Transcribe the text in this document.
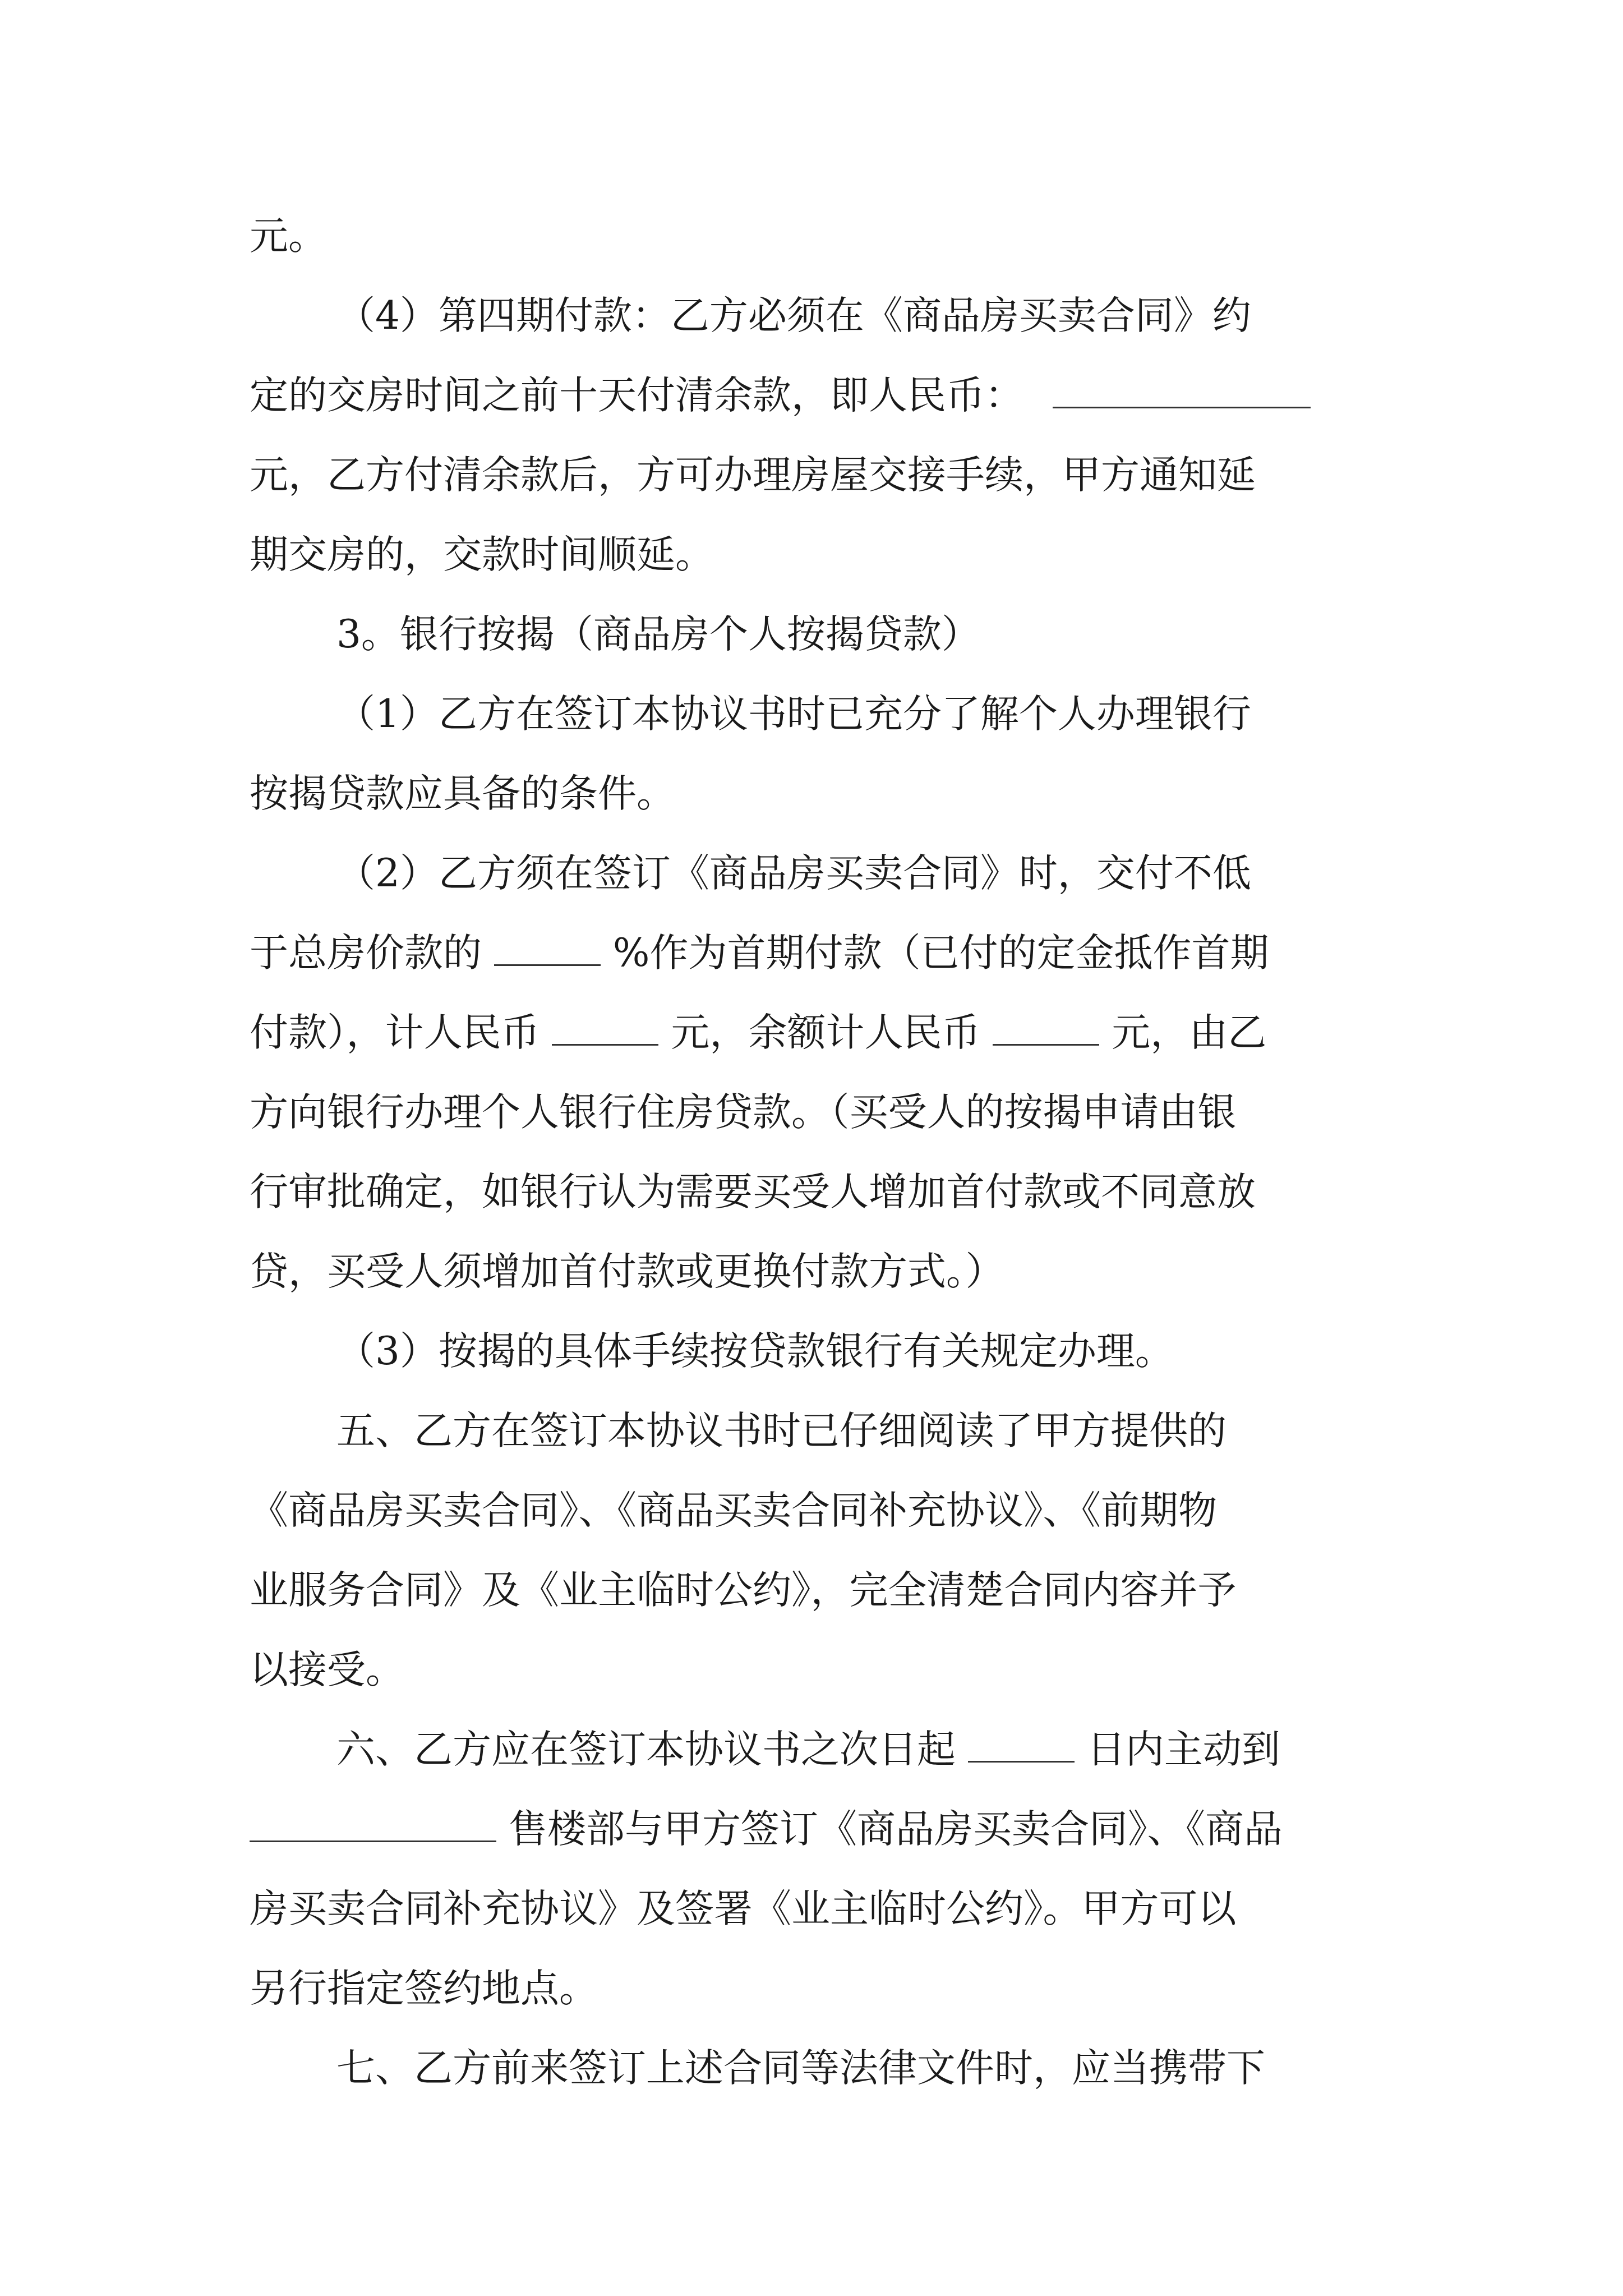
元。
（4）第四期付款：乙方必须在《商品房买卖合同》约
定的交房时间之前十天付清余款，即人民币：
元，乙方付清余款后，方可办理房屋交接手续，甲方通知延
期交房的，交款时间顺延。
3。银行按揭（商品房个人按揭贷款）
（1）乙方在签订本协议书时已充分了解个人办理银行
按揭贷款应具备的条件。
（2）乙方须在签订《商品房买卖合同》时，交付不低
于总房价款的	%作为首期付款（已付的定金抵作首期
付款），计人民币	元，余额计人民币	元，由乙
方向银行办理个人银行住房贷款。（买受人的按揭申请由银
行审批确定，如银行认为需要买受人增加首付款或不同意放
贷，买受人须增加首付款或更换付款方式。）
（3）按揭的具体手续按贷款银行有关规定办理。
五、乙方在签订本协议书时已仔细阅读了甲方提供的
《商品房买卖合同》、《商品买卖合同补充协议》、《前期物
业服务合同》及《业主临时公约》，完全清楚合同内容并予
以接受。
六、乙方应在签订本协议书之次日起	日内主动到
售楼部与甲方签订《商品房买卖合同》、《商品
房买卖合同补充协议》及签署《业主临时公约》。甲方可以
另行指定签约地点。
七、乙方前来签订上述合同等法律文件时，应当携带下
